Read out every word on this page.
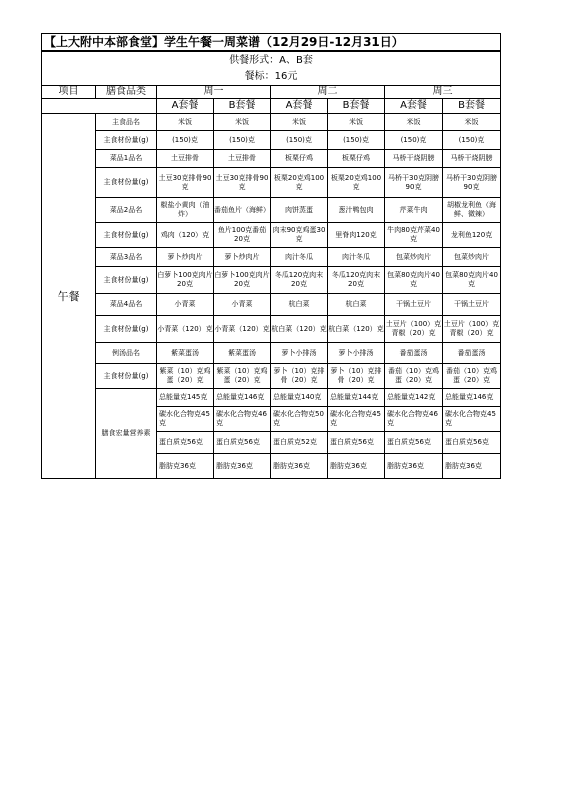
【上大附中本部食堂】学生午餐一周菜谱（12月29日-12月31日）							
供餐形式：A、B套							
餐标：16元							
项目	膳食品类	周一		周二		周三	
		A套餐	B套餐	A套餐	B套餐	A套餐	B套餐
午餐	主食品名	米饭	米饭	米饭	米饭	米饭	米饭
	主食材份量(g)	(150)克	(150)克	(150)克	(150)克	(150)克	(150)克
	菜品1品名	土豆排骨	土豆排骨	板栗仔鸡	板栗仔鸡	马桥干烧阴膀	马桥干烧阴膀
	主食材份量(g)	土豆30克排骨90克	土豆30克排骨90克	板栗20克鸡100克	板栗20克鸡100克	马桥干30克阴膀90克	马桥干30克阴膀90克
	菜品2品名	椒盐小黄肉（油炸）	番茄鱼片（海鲜）	肉饼蒸蛋	葱汁鸭包肉	芹菜牛肉	胡椒龙利鱼（海鲜、微辣）
	主食材份量(g)	鸡肉（120）克	鱼片100克番茄20克	肉末90克鸡蛋30克	里脊肉120克	牛肉80克芹菜40克	龙利鱼120克
	菜品3品名	萝卜炒肉片	萝卜炒肉片	肉汁冬瓜	肉汁冬瓜	包菜炒肉片	包菜炒肉片
	主食材份量(g)	白萝卜100克肉片20克	白萝卜100克肉片20克	冬瓜120克肉末20克	冬瓜120克肉末20克	包菜80克肉片40克	包菜80克肉片40克
	菜品4品名	小青菜	小青菜	杭白菜	杭白菜	干锅土豆片	干锅土豆片
	主食材份量(g)	小青菜（120）克	小青菜（120）克	杭白菜（120）克	杭白菜（120）克	土豆片（100）克青椒（20）克	土豆片（100）克青椒（20）克
	例汤品名	紫菜蛋汤	紫菜蛋汤	萝卜小排汤	萝卜小排汤	番茄蛋汤	番茄蛋汤
	主食材份量(g)	紫菜（10）克鸡蛋（20）克	紫菜（10）克鸡蛋（20）克	萝卜（10）克排骨（20）克	萝卜（10）克排骨（20）克	番茄（10）克鸡蛋（20）克	番茄（10）克鸡蛋（20）克
	膳食宏量营养素	总能量克145克	总能量克146克	总能量克140克	总能量克144克	总能量克142克	总能量克146克
		碳水化合物克45克	碳水化合物克46克	碳水化合物克50克	碳水化合物克45克	碳水化合物克46克	碳水化合物克45克
		蛋白质克56克	蛋白质克56克	蛋白质克52克	蛋白质克56克	蛋白质克56克	蛋白质克56克
		脂肪克36克	脂肪克36克	脂肪克36克	脂肪克36克	脂肪克36克	脂肪克36克
